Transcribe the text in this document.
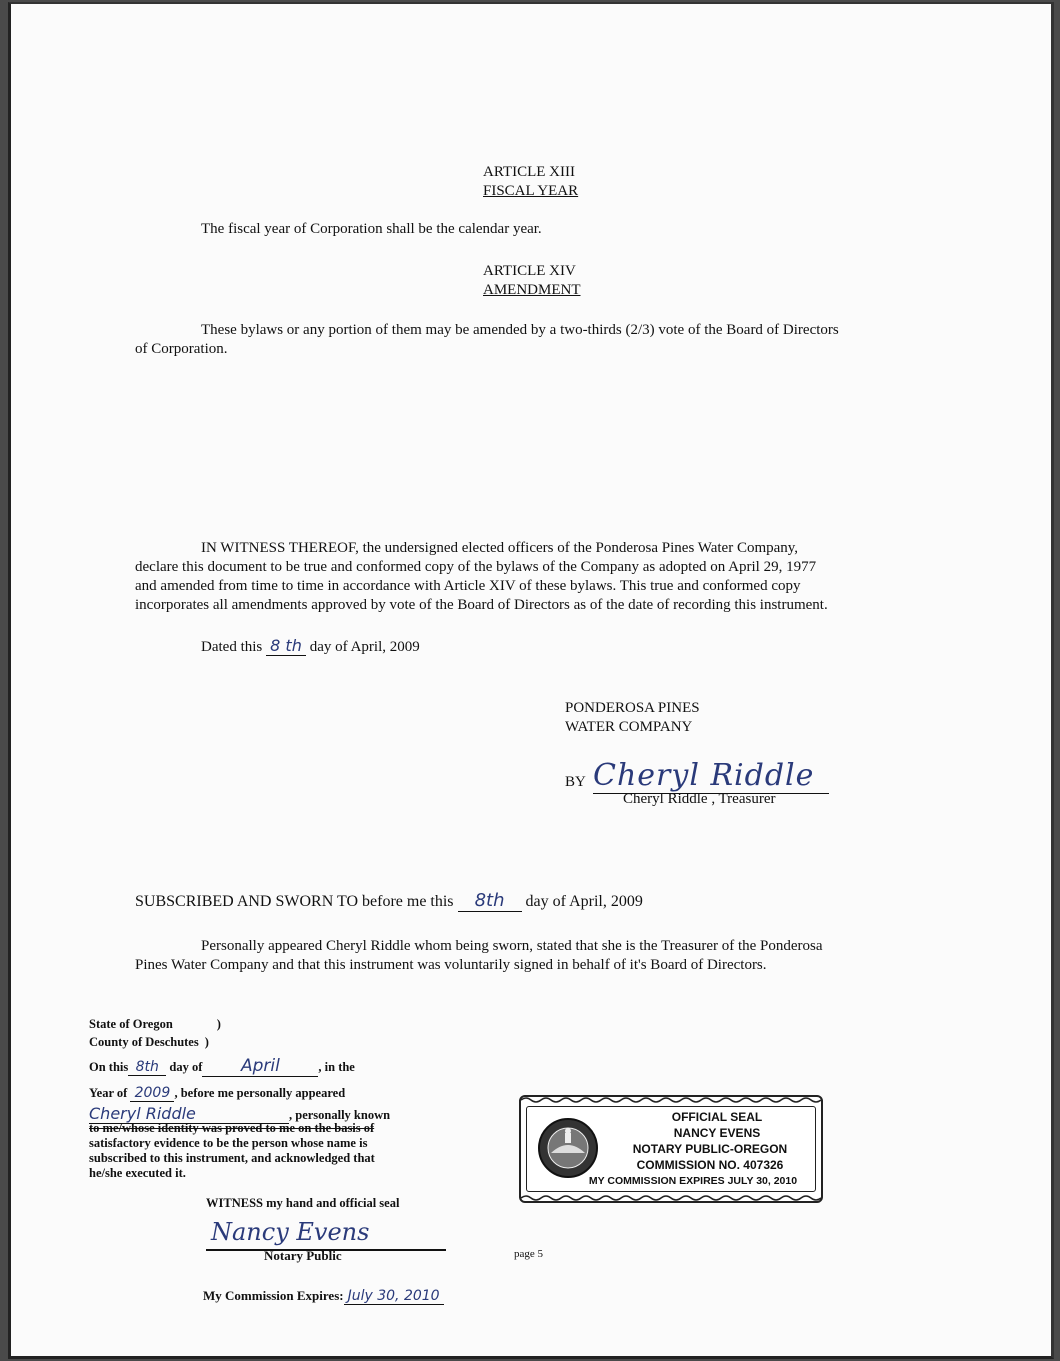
ARTICLE XIII
FISCAL YEAR
The fiscal year of Corporation shall be the calendar year.
ARTICLE XIV
AMENDMENT
These bylaws or any portion of them may be amended by a two-thirds (2/3) vote of the Board of Directors
of Corporation.
IN WITNESS THEREOF, the undersigned elected officers of the Ponderosa Pines Water Company,
declare this document to be true and conformed copy of the bylaws of the Company as adopted on April 29, 1977
and amended from time to time in accordance with Article XIV of these bylaws. This true and conformed copy
incorporates all amendments approved by vote of the Board of Directors as of the date of recording this instrument.
Dated this 8 th day of April, 2009
PONDEROSA PINES
WATER COMPANY
BY Cheryl Riddle
Cheryl Riddle , Treasurer
SUBSCRIBED AND SWORN TO before me this 8th day of April, 2009
Personally appeared Cheryl Riddle whom being sworn, stated that she is the Treasurer of the Ponderosa
Pines Water Company and that this instrument was voluntarily signed in behalf of it's Board of Directors.
State of Oregon	)
County of Deschutes )
On this 8th day of April	, in the
Year of 2009 , before me personally appeared
Cheryl Riddle	, personally known
to me/whose identity was proved to me on the basis of
satisfactory evidence to be the person whose name is
subscribed to this instrument, and acknowledged that
he/she executed it.
WITNESS my hand and official seal
Nancy Evens
Notary Public
My Commission Expires: July 30, 2010
OFFICIAL SEAL
NANCY EVENS
NOTARY PUBLIC-OREGON
COMMISSION NO. 407326
MY COMMISSION EXPIRES JULY 30, 2010
page 5
